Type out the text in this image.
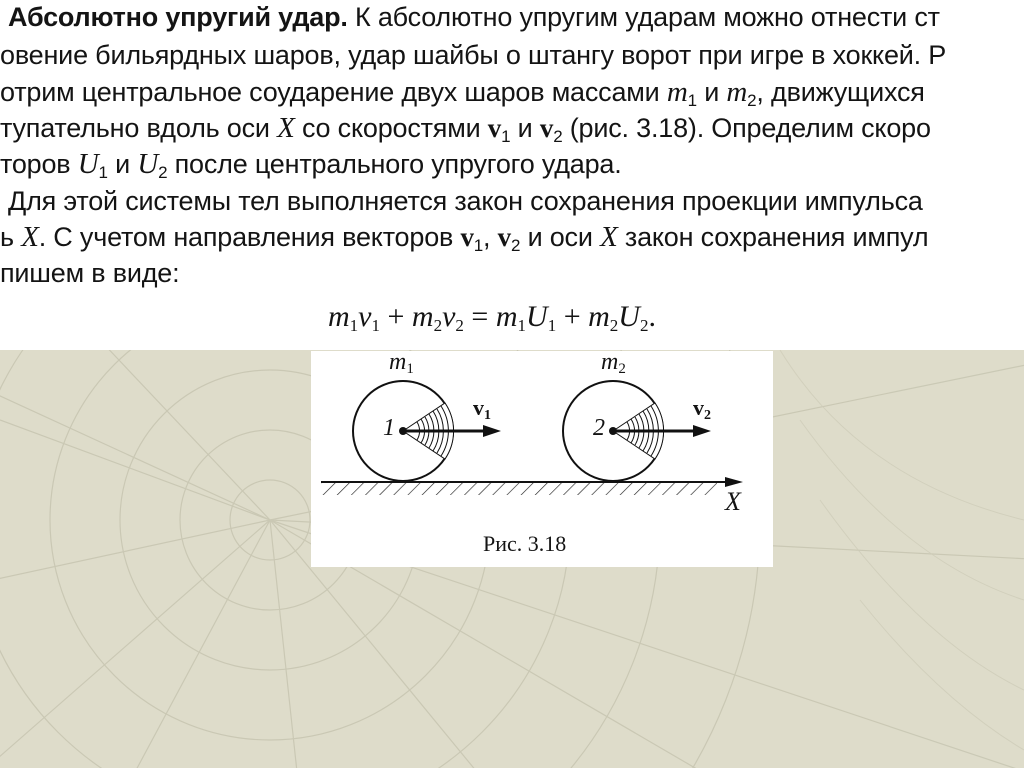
Абсолютно упругий удар. К абсолютно упругим ударам можно отнести ст
овение бильярдных шаров, удар шайбы о штангу ворот при игре в хоккей. Р
отрим центральное соударение двух шаров массами $m_1$ и $m_2$, движущихся
тупательно вдоль оси X со скоростями $v_1$ и $v_2$ (рис. 3.18). Определим скоро
торов $U_1$ и $U_2$ после центрального упругого удара.
Для этой системы тел выполняется закон сохранения проекции импульса
ь X. С учетом направления векторов $v_1$, $v_2$ и оси X закон сохранения импул
пишем в виде:
$m_1v_1 + m_2v_2 = m_1U_1 + m_2U_2$.
$m_1$	$m_2$
1	2
$v_1$	$v_2$
X
Рис. 3.18
